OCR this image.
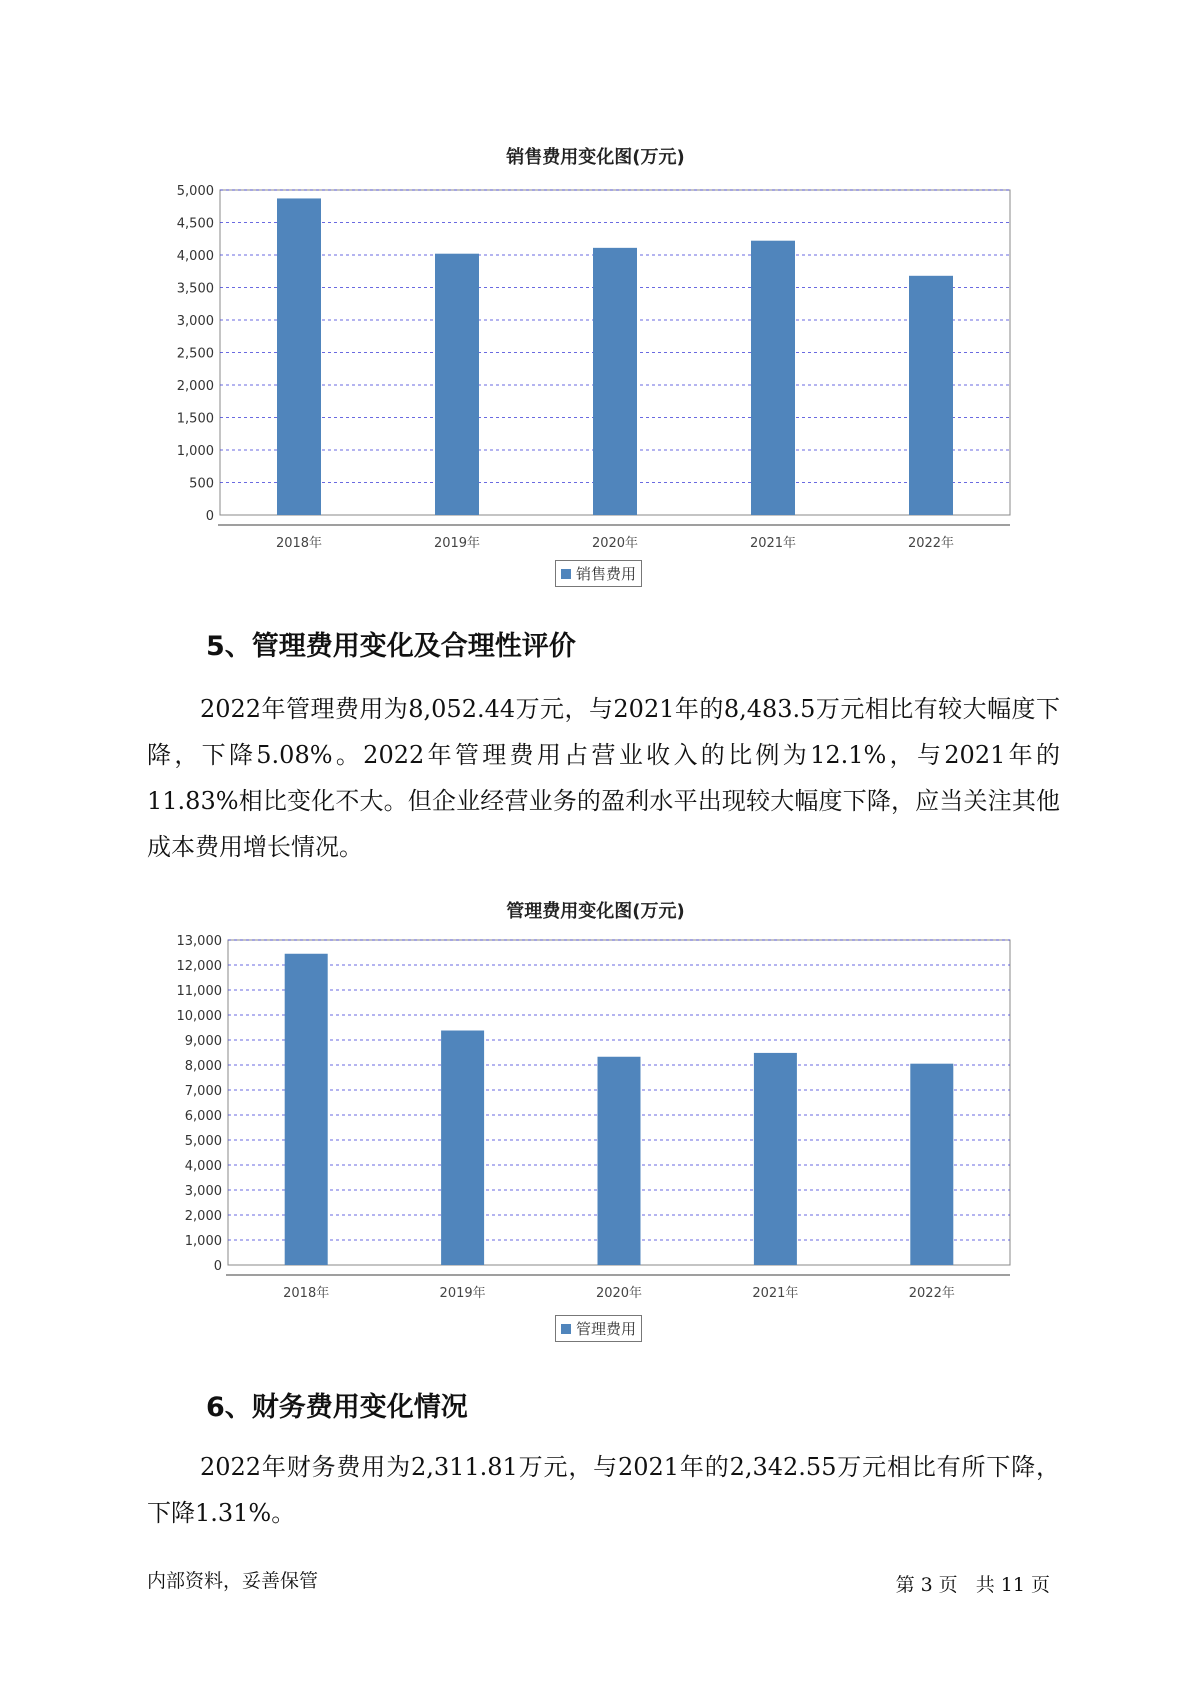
销售费用变化图(万元)
0
500
1,000
1,500
2,000
2,500
3,000
3,500
4,000
4,500
5,000
2018年	2019年	2020年	2021年	2022年
销售费用
5、管理费用变化及合理性评价

2022年管理费用为8,052.44万元，与2021年的8,483.5万元相比有较大幅度下降，下降5.08%。2022年管理费用占营业收入的比例为12.1%，与2021年的11.83%相比变化不大。但企业经营业务的盈利水平出现较大幅度下降，应当关注其他成本费用增长情况。

管理费用变化图(万元)
0
1,000
2,000
3,000
4,000
5,000
6,000
7,000
8,000
9,000
10,000
11,000
12,000
13,000
2018年	2019年	2020年	2021年	2022年
管理费用
6、财务费用变化情况

2022年财务费用为2,311.81万元，与2021年的2,342.55万元相比有所下降，下降1.31%。

内部资料，妥善保管	第 3 页 共 11 页
